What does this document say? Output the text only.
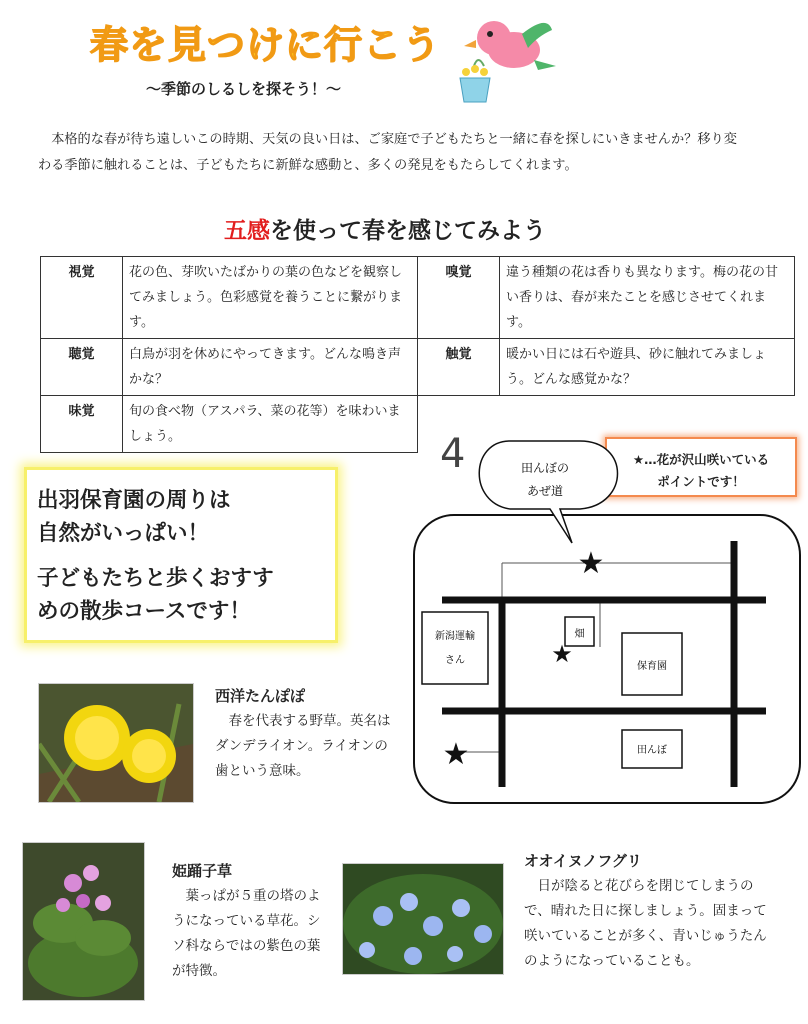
春を見つけに行こう
～季節のしるしを探そう！～
本格的な春が待ち遠しいこの時期、天気の良い日は、ご家庭で子どもたちと一緒に春を探しにいきませんか？移り変わる季節に触れることは、子どもたちに新鮮な感動と、多くの発見をもたらしてくれます。
五感を使って春を感じてみよう
視覚	花の色、芽吹いたばかりの葉の色などを観察してみましょう。色彩感覚を養うことに繋がります。	嗅覚	違う種類の花は香りも異なります。梅の花の甘い香りは、春が来たことを感じさせてくれます。
聴覚	白鳥が羽を休めにやってきます。どんな鳴き声かな？	触覚	暖かい日には石や遊具、砂に触れてみましょう。どんな感覚かな？
味覚	旬の食べ物（アスパラ、菜の花等）を味わいましょう。		

出羽保育園の周りは
自然がいっぱい！

子どもたちと歩くおすす
めの散歩コースです！

★…花が沢山咲いている
ポイントです！
4
新潟運輸
さん
畑
保育園
田んぼ
★
★
★
田んぼの
あぜ道
西洋たんぽぽ
春を代表する野草。英名はダンデライオン。ライオンの歯という意味。
姫踊子草
葉っぱが５重の塔のようになっている草花。シソ科ならではの紫色の葉が特徴。
オオイヌノフグリ
日が陰ると花びらを閉じてしまうので、晴れた日に探しましょう。固まって咲いていることが多く、青いじゅうたんのようになっていることも。
